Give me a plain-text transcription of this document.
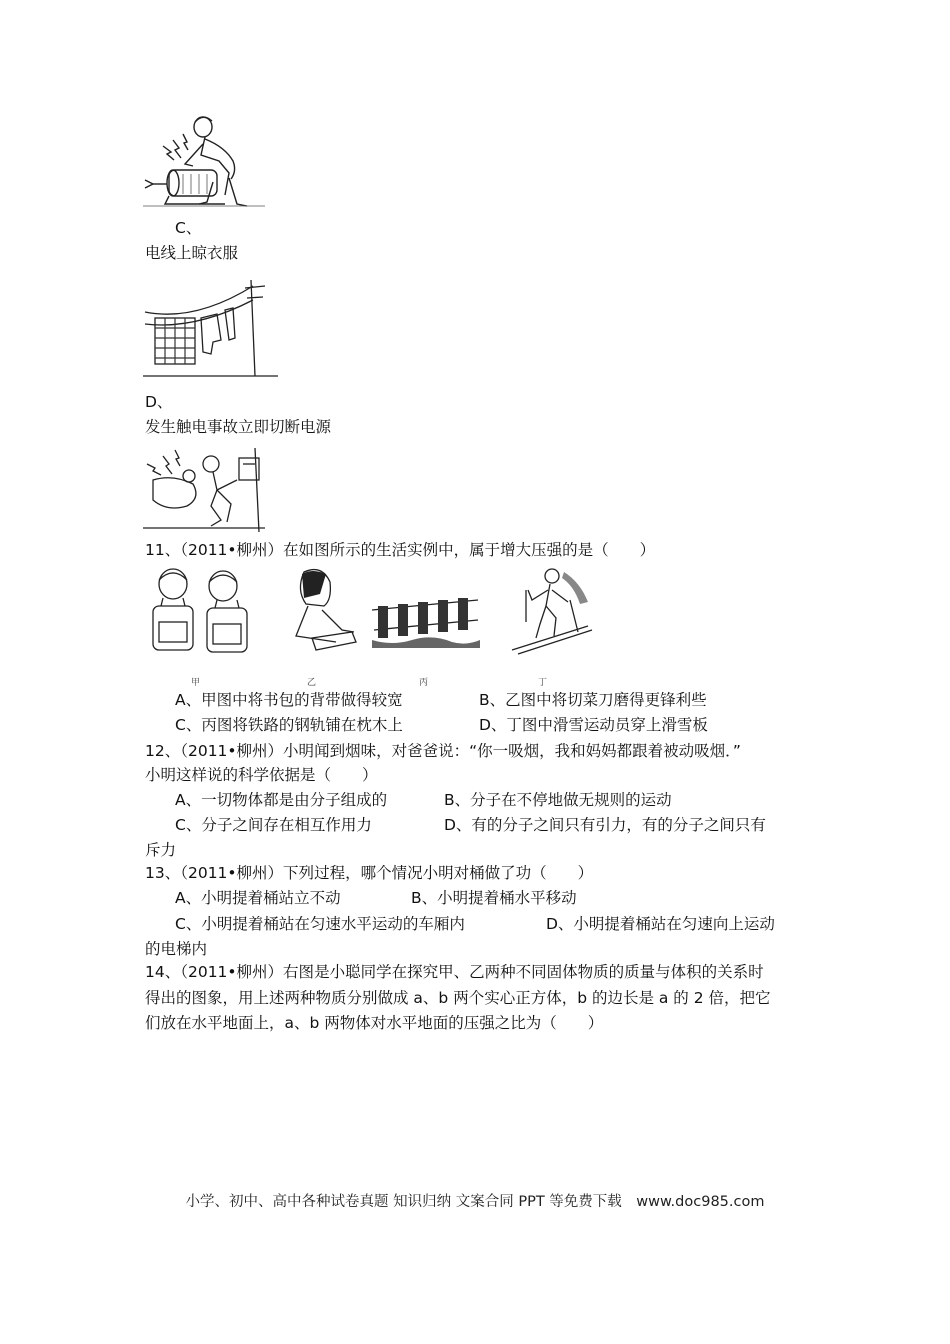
C、
电线上晾衣服
D、
发生触电事故立即切断电源
11、（2011•柳州）在如图所示的生活实例中，属于增大压强的是（　　）
甲	乙	丙	丁
A、甲图中将书包的背带做得较宽	B、乙图中将切菜刀磨得更锋利些
C、丙图将铁路的钢轨铺在枕木上	D、丁图中滑雪运动员穿上滑雪板
12、（2011•柳州）小明闻到烟味，对爸爸说：“你一吸烟，我和妈妈都跟着被动吸烟．”
小明这样说的科学依据是（　　）
A、一切物体都是由分子组成的	B、分子在不停地做无规则的运动
C、分子之间存在相互作用力	D、有的分子之间只有引力，有的分子之间只有
斥力
13、（2011•柳州）下列过程，哪个情况小明对桶做了功（　　）
A、小明提着桶站立不动	B、小明提着桶水平移动
C、小明提着桶站在匀速水平运动的车厢内	D、小明提着桶站在匀速向上运动
的电梯内
14、（2011•柳州）右图是小聪同学在探究甲、乙两种不同固体物质的质量与体积的关系时
得出的图象，用上述两种物质分别做成 a、b 两个实心正方体，b 的边长是 a 的 2 倍，把它
们放在水平地面上，a、b 两物体对水平地面的压强之比为（　　）
小学、初中、高中各种试卷真题 知识归纳 文案合同 PPT 等免费下载　www.doc985.com
